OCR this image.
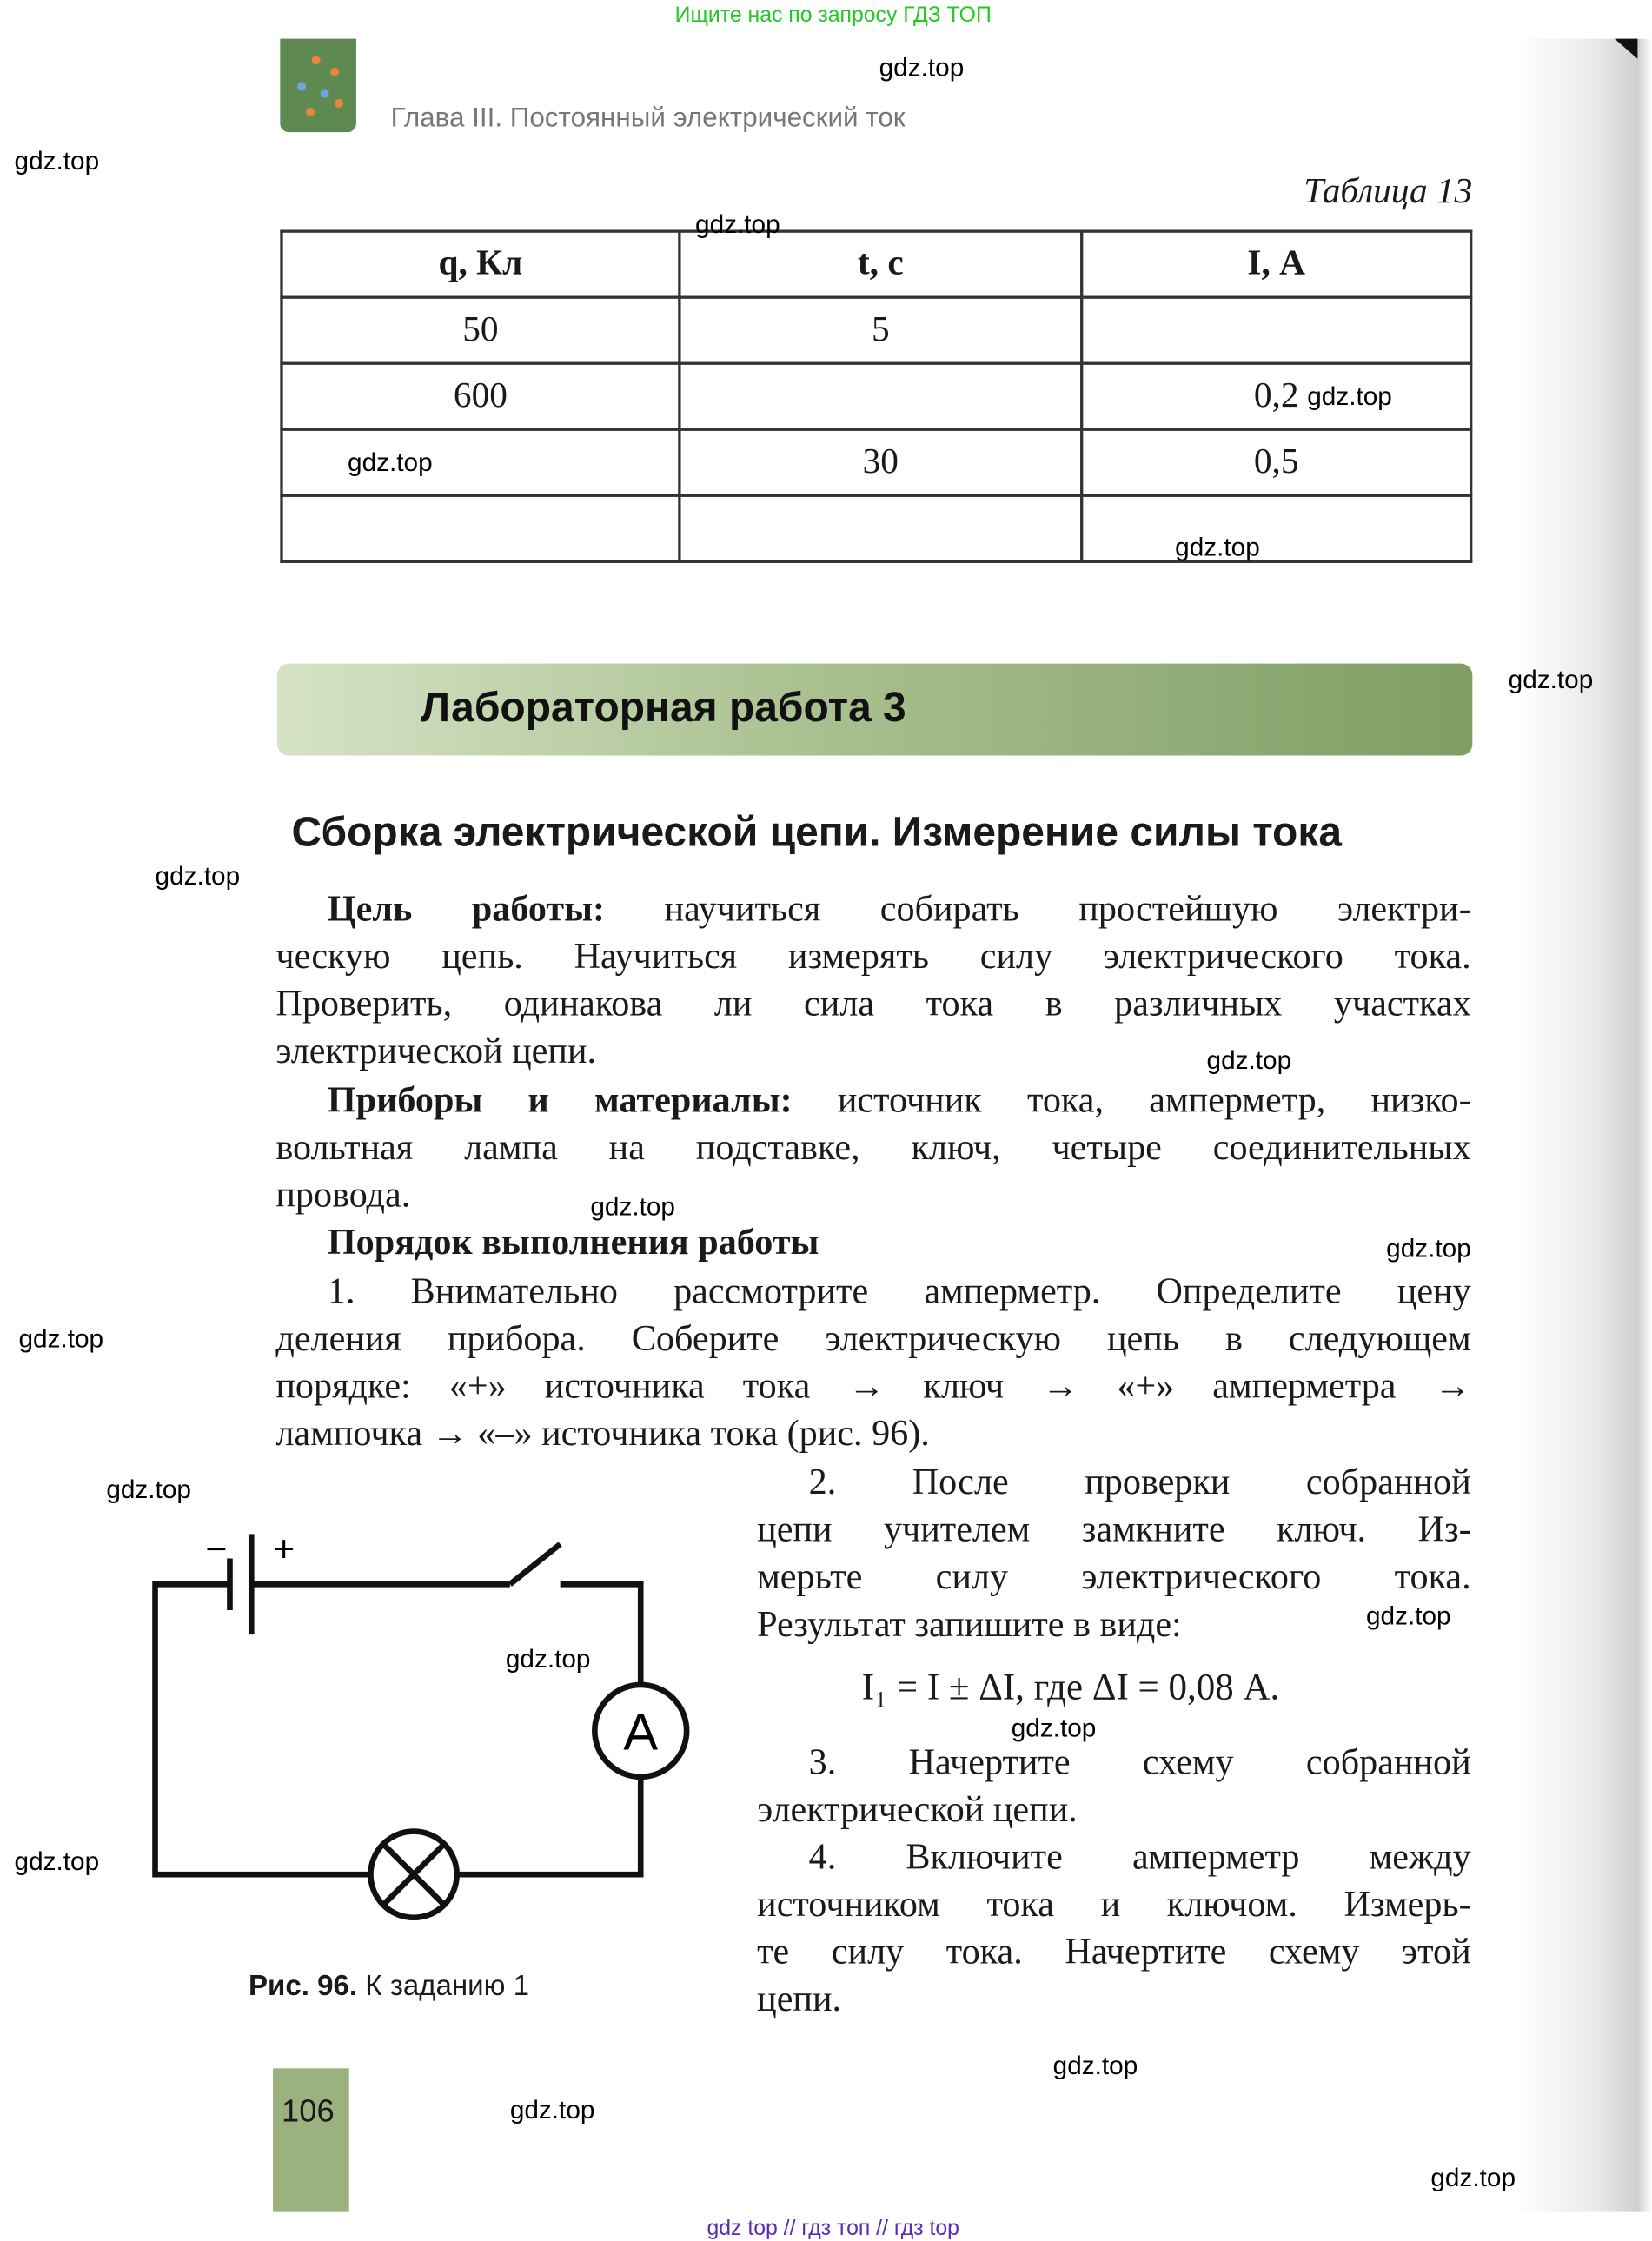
Ищите нас по запросу ГДЗ ТОП
Глава III. Постоянный электрический ток
Таблица 13
q, Кл	t, с	I, А
50	5	
600		0,2
	30	0,5

Лабораторная работа 3
Сборка электрической цепи. Измерение силы тока
Цель работы: научиться собирать простейшую электри-
ческую цепь. Научиться измерять силу электрического тока.
Проверить, одинакова ли сила тока в различных участках
электрической цепи.
Приборы и материалы: источник тока, амперметр, низко-
вольтная лампа на подставке, ключ, четыре соединительных
провода.
Порядок выполнения работы
1. Внимательно рассмотрите амперметр. Определите цену
деления прибора. Соберите электрическую цепь в следующем
порядке: «+» источника тока → ключ → «+» амперметра →
лампочка → «–» источника тока (рис. 96).
2. После проверки собранной
цепи учителем замкните ключ. Из-
мерьте силу электрического тока.
Результат запишите в виде:
I₁ = I ± ΔI, где ΔI = 0,08 А.
3. Начертите схему собранной
электрической цепи.
4. Включите амперметр между
источником тока и ключом. Измерь-
те силу тока. Начертите схему этой
цепи.
− +
A
Рис. 96. К заданию 1
106
gdz.top
gdz.top
gdz.top
gdz.top
gdz.top
gdz.top
gdz.top
gdz.top
gdz.top
gdz.top
gdz.top
gdz.top
gdz.top
gdz.top
gdz.top
gdz.top
gdz.top
gdz.top
gdz.top
gdz.top
gdz top // гдз топ // гдз top
